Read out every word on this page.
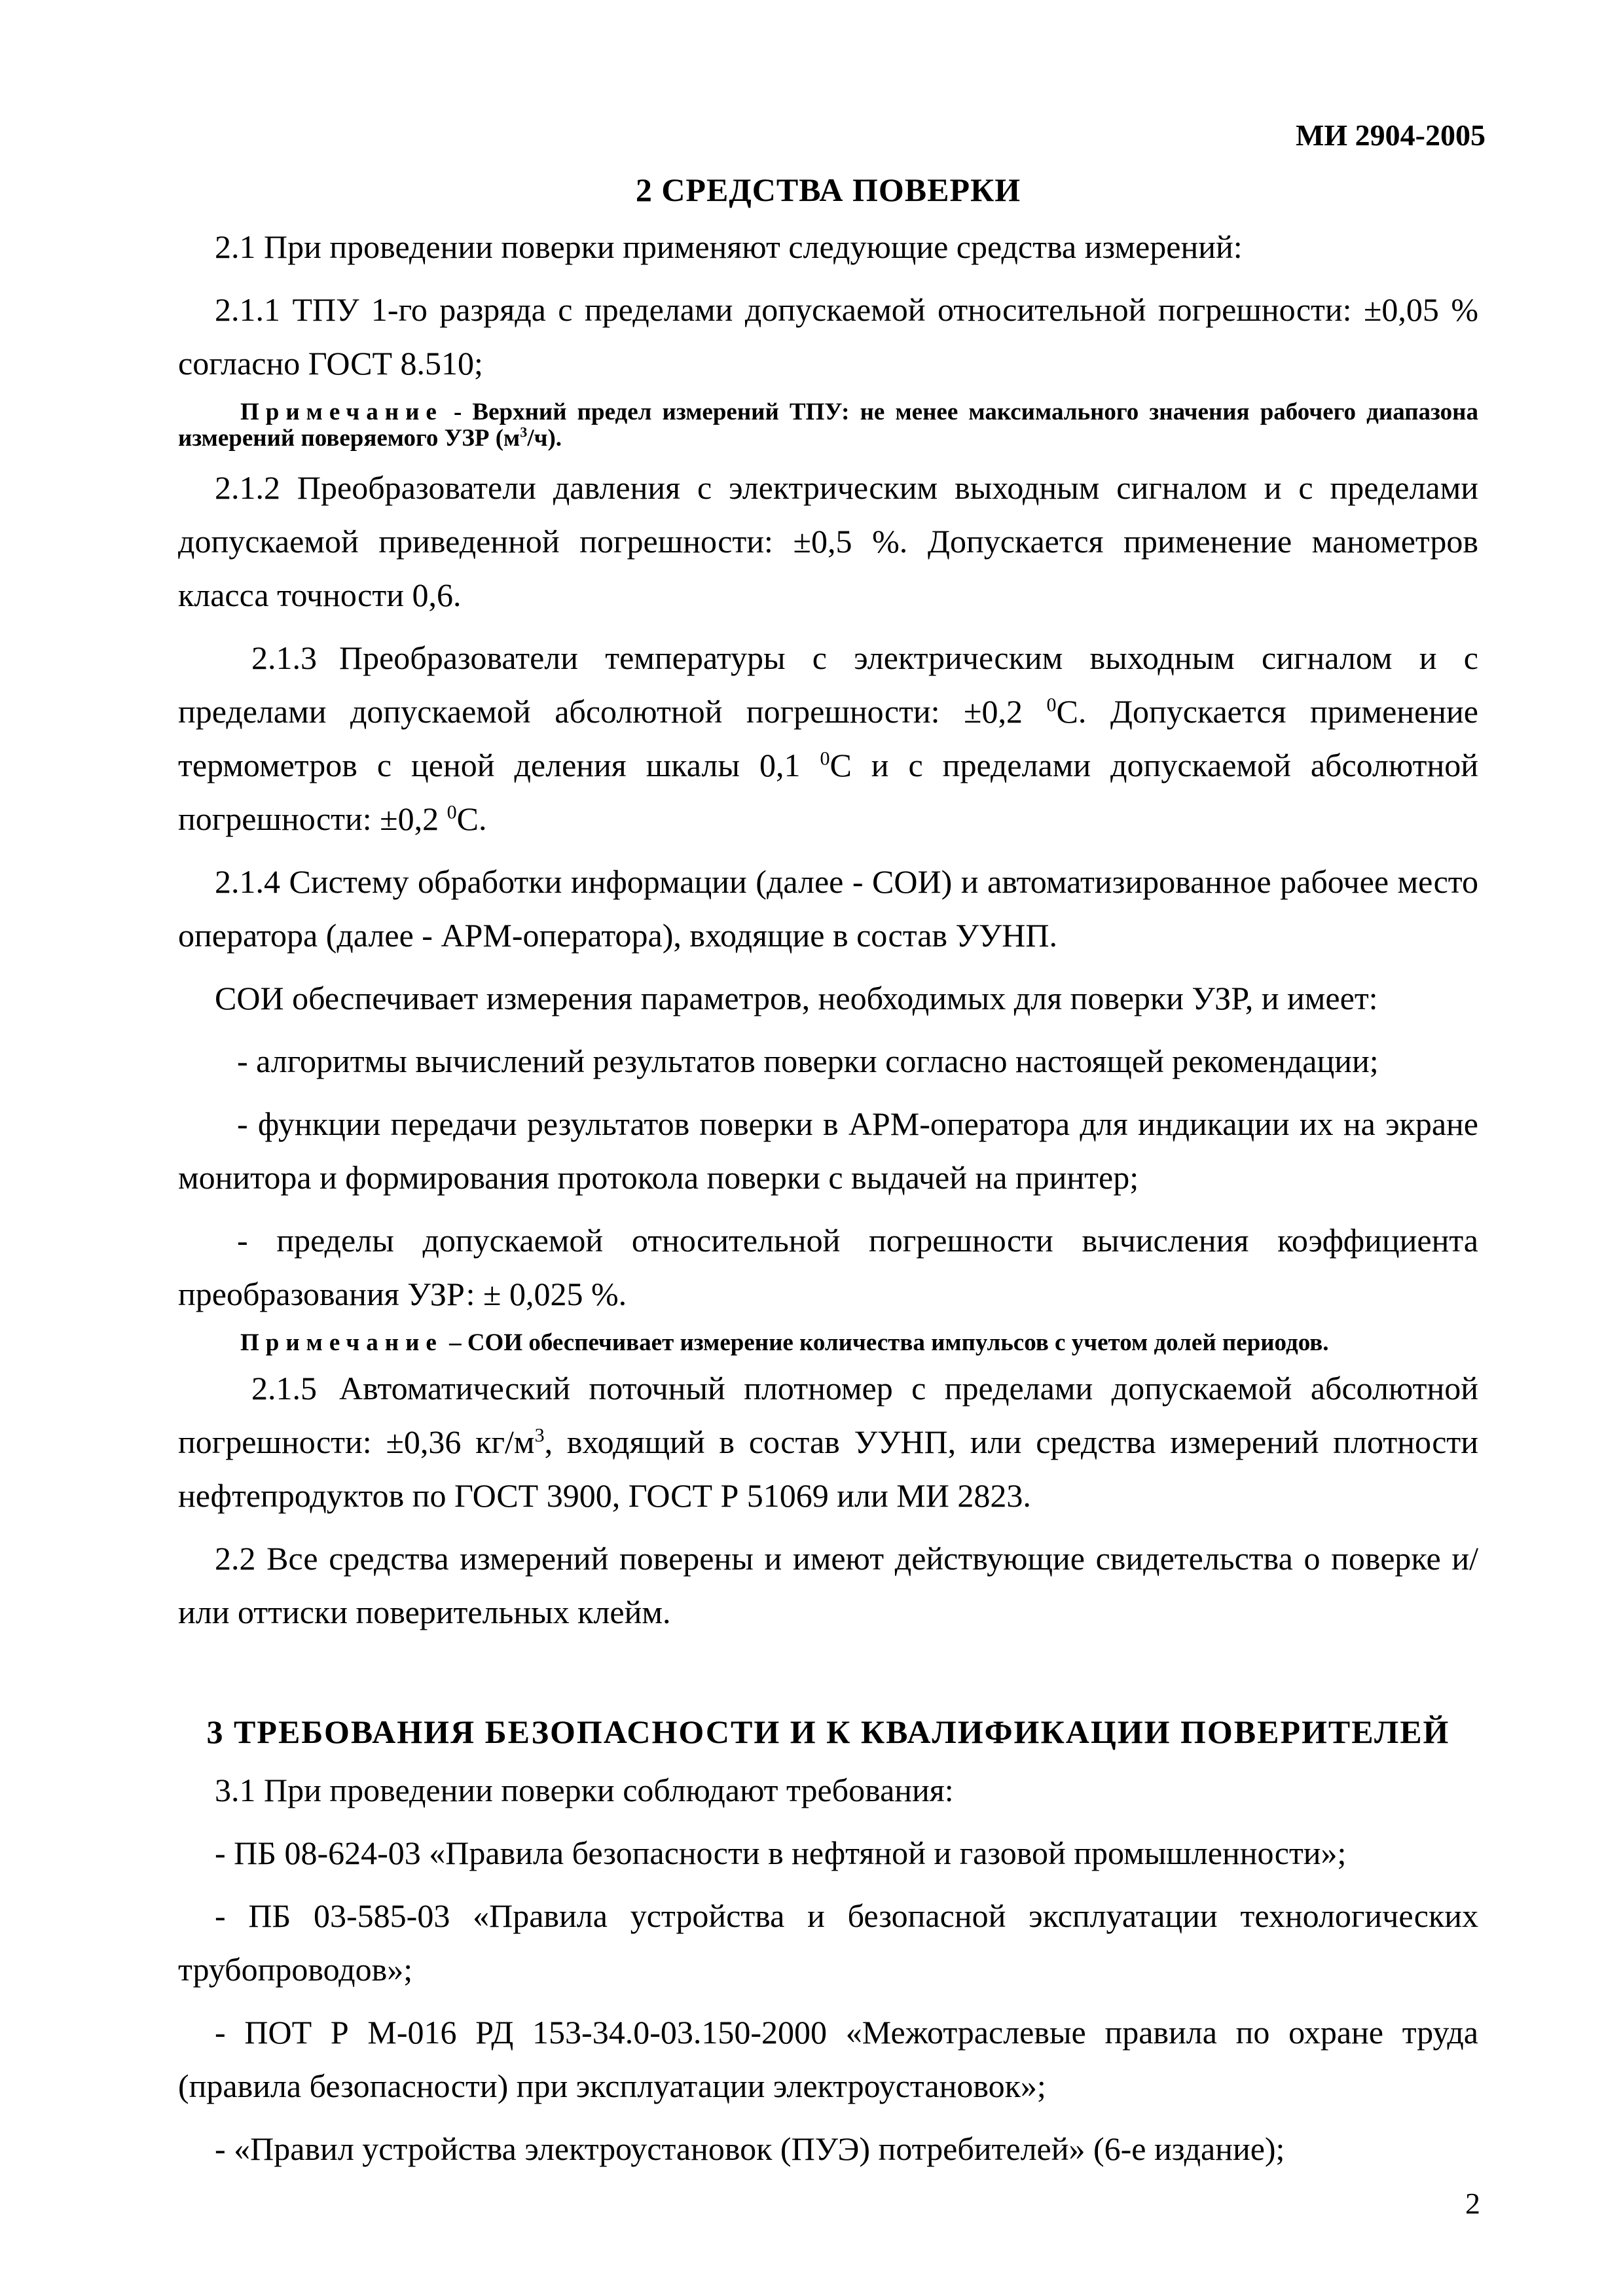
МИ 2904-2005
2 СРЕДСТВА ПОВЕРКИ

2.1 При проведении поверки применяют следующие средства измерений:

2.1.1 ТПУ 1-го разряда с пределами допускаемой относительной погрешности: ±0,05 % согласно ГОСТ 8.510;

Примечание - Верхний предел измерений ТПУ: не менее максимального значения рабочего диапазона измерений поверяемого УЗР $(м^3/ч)$.

2.1.2 Преобразователи давления с электрическим выходным сигналом и с пределами допускаемой приведенной погрешности: ±0,5 %. Допускается применение манометров класса точности 0,6.

2.1.3 Преобразователи температуры с электрическим выходным сигналом и с пределами допускаемой абсолютной погрешности: ±0,2 $^0$С. Допускается применение термометров с ценой деления шкалы 0,1 $^0$С и с пределами допускаемой абсолютной погрешности: ±0,2 $^0$С.

2.1.4 Систему обработки информации (далее - СОИ) и автоматизированное рабочее место оператора (далее - АРМ-оператора), входящие в состав УУНП.

СОИ обеспечивает измерения параметров, необходимых для поверки УЗР, и имеет:

- алгоритмы вычислений результатов поверки согласно настоящей рекомендации;

- функции передачи результатов поверки в АРМ-оператора для индикации их на экране монитора и формирования протокола поверки с выдачей на принтер;

- пределы допускаемой относительной погрешности вычисления коэффициента преобразования УЗР: ± 0,025 %.

Примечание – СОИ обеспечивает измерение количества импульсов с учетом долей периодов.

2.1.5 Автоматический поточный плотномер с пределами допускаемой абсолютной погрешности: ±0,36 $кг/м^3$, входящий в состав УУНП, или средства измерений плотности нефтепродуктов по ГОСТ 3900, ГОСТ Р 51069 или МИ 2823.

2.2 Все средства измерений поверены и имеют действующие свидетельства о поверке и/или оттиски поверительных клейм.

3 ТРЕБОВАНИЯ БЕЗОПАСНОСТИ И К КВАЛИФИКАЦИИ ПОВЕРИТЕЛЕЙ

3.1 При проведении поверки соблюдают требования:

- ПБ 08-624-03 «Правила безопасности в нефтяной и газовой промышленности»;

- ПБ 03-585-03 «Правила устройства и безопасной эксплуатации технологических трубопроводов»;

- ПОТ Р М-016 РД 153-34.0-03.150-2000 «Межотраслевые правила по охране труда (правила безопасности) при эксплуатации электроустановок»;

- «Правил устройства электроустановок (ПУЭ) потребителей» (6-е издание);

2
